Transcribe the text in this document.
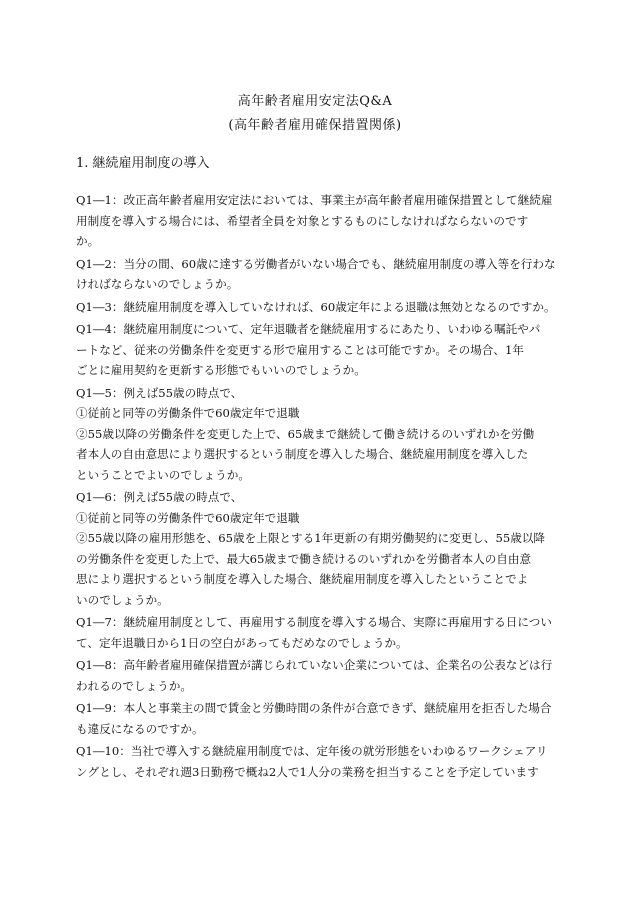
高年齢者雇用安定法Q&A
(高年齢者雇用確保措置関係)
1. 継続雇用制度の導入
Q1―1：改正高年齢者雇用安定法においては、事業主が高年齢者雇用確保措置として継続雇
用制度を導入する場合には、希望者全員を対象とするものにしなければならないのです
か。
Q1―2：当分の間、60歳に達する労働者がいない場合でも、継続雇用制度の導入等を行わな
ければならないのでしょうか。
Q1―3：継続雇用制度を導入していなければ、60歳定年による退職は無効となるのですか。
Q1―4：継続雇用制度について、定年退職者を継続雇用するにあたり、いわゆる嘱託やパ
ートなど、従来の労働条件を変更する形で雇用することは可能ですか。その場合、1年
ごとに雇用契約を更新する形態でもいいのでしょうか。
Q1―5：例えば55歳の時点で、
①従前と同等の労働条件で60歳定年で退職
②55歳以降の労働条件を変更した上で、65歳まで継続して働き続けるのいずれかを労働
者本人の自由意思により選択するという制度を導入した場合、継続雇用制度を導入した
ということでよいのでしょうか。
Q1―6：例えば55歳の時点で、
①従前と同等の労働条件で60歳定年で退職
②55歳以降の雇用形態を、65歳を上限とする1年更新の有期労働契約に変更し、55歳以降
の労働条件を変更した上で、最大65歳まで働き続けるのいずれかを労働者本人の自由意
思により選択するという制度を導入した場合、継続雇用制度を導入したということでよ
いのでしょうか。
Q1―7：継続雇用制度として、再雇用する制度を導入する場合、実際に再雇用する日につい
て、定年退職日から1日の空白があってもだめなのでしょうか。
Q1―8：高年齢者雇用確保措置が講じられていない企業については、企業名の公表などは行
われるのでしょうか。
Q1―9：本人と事業主の間で賃金と労働時間の条件が合意できず、継続雇用を拒否した場合
も違反になるのですか。
Q1―10：当社で導入する継続雇用制度では、定年後の就労形態をいわゆるワークシェアリ
ングとし、それぞれ週3日勤務で概ね2人で1人分の業務を担当することを予定しています
